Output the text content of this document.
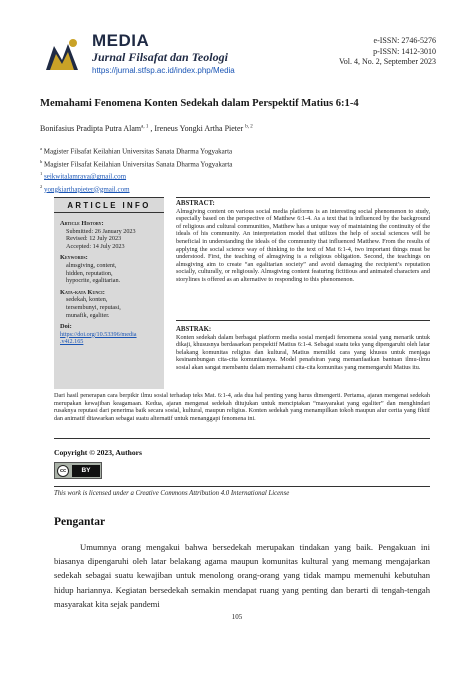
MEDIA
Jurnal Filsafat dan Teologi
https://jurnal.stfsp.ac.id/index.php/Media
e-ISSN: 2746-5276
p-ISSN: 1412-3010
Vol. 4, No. 2, September 2023
Memahami Fenomena Konten Sedekah dalam Perspektif Matius 6:1-4
Bonifasius Pradipta Putra Alam$^{a, 1}$ , Ireneus Yongki Artha Pieter $^{b, 2}$
$^a$ Magister Filsafat Keilahian Universitas Sanata Dharma Yogyakarta
$^b$ Magister Filsafat Keilahian Universitas Sanata Dharma Yogyakarta
$^1$ seikwitalamraya@gmail.com
$^2$ yongkiarthapieter@gmail.com
ARTICLE INFO
Article History:
Submitted: 26 January 2023
Revised: 12 July 2023
Accepted: 14 July 2023
Keywords:
almsgiving, content,
hidden, reputation,
hypocrite, egalitarian.
Kata-kata Kunci:
sedekah, konten,
tersembunyi, reputasi,
munafik, egaliter.
Doi:
https://doi.org/10.53396/media
.v4i2.165
ABSTRACT:
Almsgiving content on various social media platforms is an interesting social phenomenon to study, especially based on the perspective of Matthew 6:1-4. As a text that is influenced by the background of religious and cultural communities, Matthew has a unique way of maintaining the continuity of the ideals of his community. An interpretation model that utilizes the help of social sciences will be beneficial in understanding the ideals of the community that influenced Matthew. From the results of applying the social science way of thinking to the text of Mat 6:1-4, two important things must be understood. First, the teaching of almsgiving is a religious obligation. Second, the teachings on almsgiving aim to create “an egalitarian society” and avoid damaging the recipient’s reputation socially, culturally, or religiously. Almsgiving content featuring fictitious and animated characters and storylines is offered as an alternative to responding to this phenomenon.
ABSTRAK:
Konten sedekah dalam berbagai platform media sosial menjadi fenomena sosial yang menarik untuk dikaji, khususnya berdasarkan perspektif Matius 6:1-4. Sebagai suatu teks yang dipengaruhi oleh latar belakang komunitas religius dan kultural, Matius memiliki cara yang khusus untuk menjaga kesinambungan cita-cita komunitasnya. Model penafsiran yang memanfaatkan bantuan ilmu-ilmu sosial akan sangat membantu dalam memahami cita-cita komunitas yang memengaruhi Matius itu.
Dari hasil penerapan cara berpikir ilmu sosial terhadap teks Mat. 6:1-4, ada dua hal penting yang harus dimengerti. Pertama, ajaran mengenai sedekah merupakan kewajiban keagamaan. Kedua, ajaran mengenai sedekah ditujukan untuk menciptakan “masyarakat yang egaliter” dan menghindari rusaknya reputasi dari penerima baik secara sosial, kultural, maupun religius. Konten sedekah yang menampilkan tokoh maupun alur cerita yang fiktif dan animatif ditawarkan sebagai suatu alternatif untuk menanggapi fenomena ini.
Copyright © 2023, Authors
cc	BY
This work is licensed under a Creative Commons Attribution 4.0 International License
Pengantar
Umumnya orang mengakui bahwa bersedekah merupakan tindakan yang baik. Pengakuan ini biasanya dipengaruhi oleh latar belakang agama maupun komunitas kultural yang memang mengajarkan sedekah sebagai suatu kewajiban untuk menolong orang-orang yang tidak mampu memenuhi kebutuhan hidup hariannya. Kegiatan bersedekah semakin mendapat ruang yang penting dan berarti di tengah-tengah masyarakat kita sejak pandemi
105
